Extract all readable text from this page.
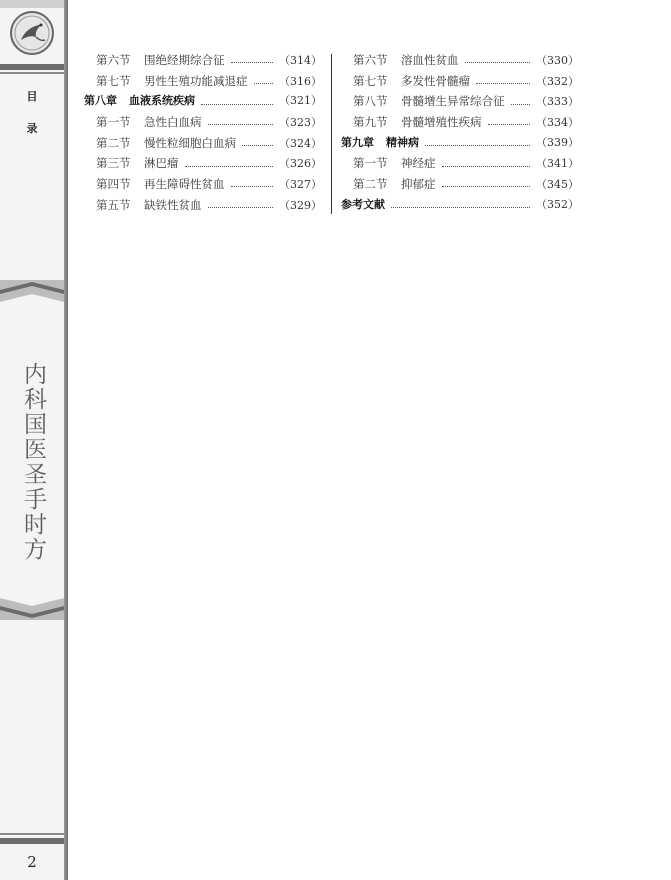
目
录
内科国医圣手时方
2
第六节	围绝经期综合征	（314）
第七节	男性生殖功能减退症	（316）
第八章 血液系统疾病	（321）
第一节	急性白血病	（323）
第二节	慢性粒细胞白血病	（324）
第三节	淋巴瘤	（326）
第四节	再生障碍性贫血	（327）
第五节	缺铁性贫血	（329）
第六节	溶血性贫血	（330）
第七节	多发性骨髓瘤	（332）
第八节	骨髓增生异常综合征	（333）
第九节	骨髓增殖性疾病	（334）
第九章 精神病	（339）
第一节	神经症	（341）
第二节	抑郁症	（345）
参考文献	（352）
